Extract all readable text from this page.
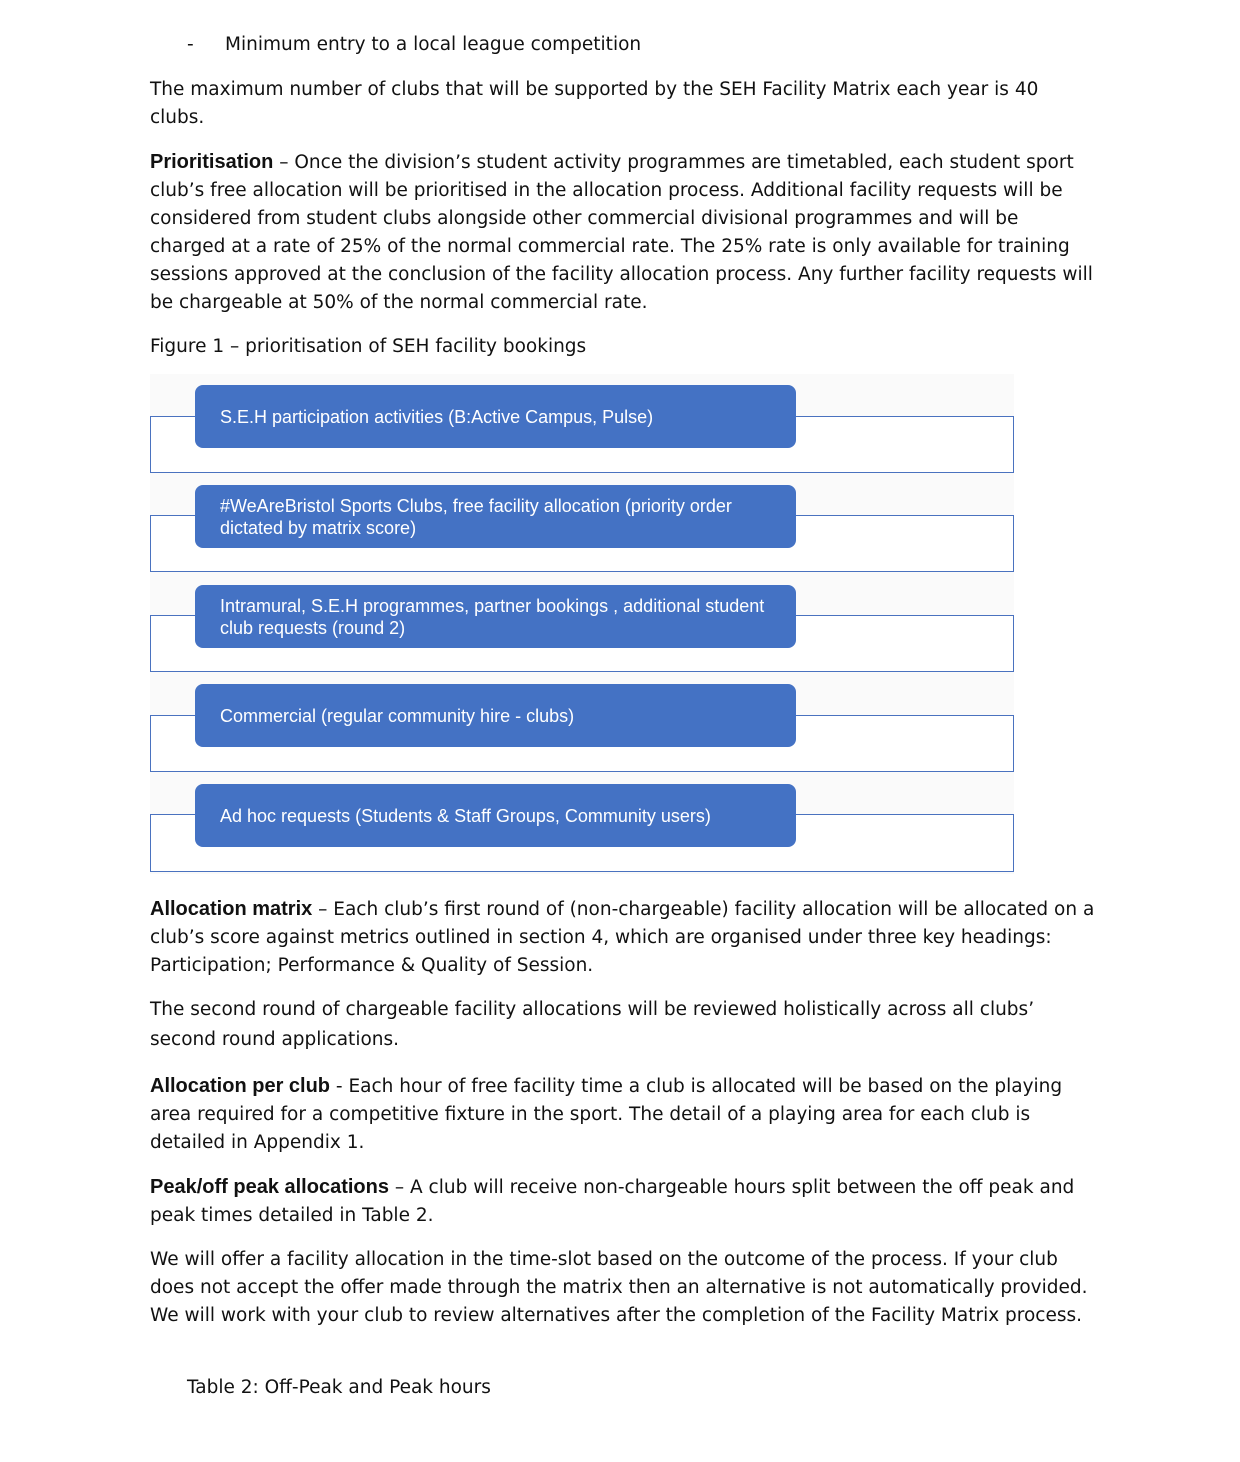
- Minimum entry to a local league competition

The maximum number of clubs that will be supported by the SEH Facility Matrix each year is 40 clubs.

Prioritisation – Once the division’s student activity programmes are timetabled, each student sport club’s free allocation will be prioritised in the allocation process. Additional facility requests will be considered from student clubs alongside other commercial divisional programmes and will be charged at a rate of 25% of the normal commercial rate. The 25% rate is only available for training sessions approved at the conclusion of the facility allocation process. Any further facility requests will be chargeable at 50% of the normal commercial rate.

Figure 1 – prioritisation of SEH facility bookings

S.E.H participation activities (B:Active Campus, Pulse)
#WeAreBristol Sports Clubs, free facility allocation (priority order dictated by matrix score)
Intramural, S.E.H programmes, partner bookings , additional student club requests (round 2)
Commercial (regular community hire - clubs)
Ad hoc requests (Students & Staff Groups, Community users)

Allocation matrix – Each club’s first round of (non-chargeable) facility allocation will be allocated on a club’s score against metrics outlined in section 4, which are organised under three key headings: Participation; Performance & Quality of Session.

The second round of chargeable facility allocations will be reviewed holistically across all clubs’ second round applications.

Allocation per club - Each hour of free facility time a club is allocated will be based on the playing area required for a competitive fixture in the sport. The detail of a playing area for each club is detailed in Appendix 1.

Peak/off peak allocations – A club will receive non-chargeable hours split between the off peak and peak times detailed in Table 2.

We will offer a facility allocation in the time-slot based on the outcome of the process. If your club does not accept the offer made through the matrix then an alternative is not automatically provided. We will work with your club to review alternatives after the completion of the Facility Matrix process.

Table 2: Off-Peak and Peak hours
